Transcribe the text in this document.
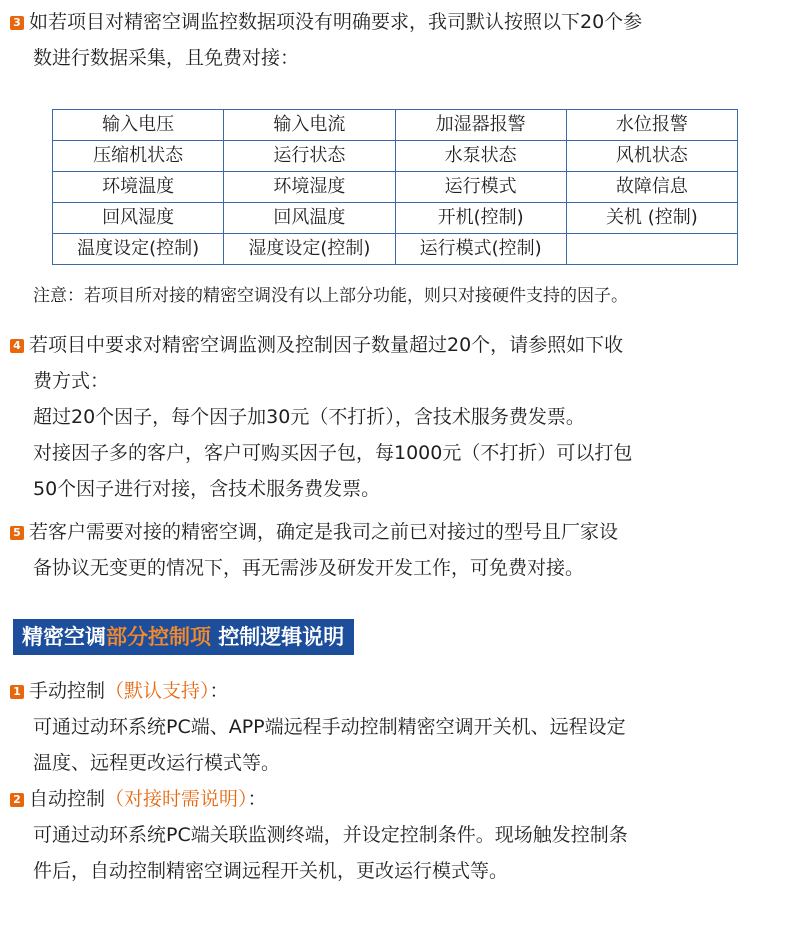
3 如若项目对精密空调监控数据项没有明确要求，我司默认按照以下20个参
数进行数据采集，且免费对接：
输入电压	输入电流	加湿器报警	水位报警
压缩机状态	运行状态	水泵状态	风机状态
环境温度	环境湿度	运行模式	故障信息
回风湿度	回风温度	开机(控制)	关机 (控制)
温度设定(控制)	湿度设定(控制)	运行模式(控制)	
注意：若项目所对接的精密空调没有以上部分功能，则只对接硬件支持的因子。
4 若项目中要求对精密空调监测及控制因子数量超过20个，请参照如下收
费方式：
超过20个因子，每个因子加30元（不打折），含技术服务费发票。
对接因子多的客户，客户可购买因子包，每1000元（不打折）可以打包
50个因子进行对接，含技术服务费发票。
5 若客户需要对接的精密空调，确定是我司之前已对接过的型号且厂家设
备协议无变更的情况下，再无需涉及研发开发工作，可免费对接。
精密空调部分控制项 控制逻辑说明
1 手动控制（默认支持）：
可通过动环系统PC端、APP端远程手动控制精密空调开关机、远程设定
温度、远程更改运行模式等。
2 自动控制（对接时需说明）：
可通过动环系统PC端关联监测终端，并设定控制条件。现场触发控制条
件后，自动控制精密空调远程开关机，更改运行模式等。
